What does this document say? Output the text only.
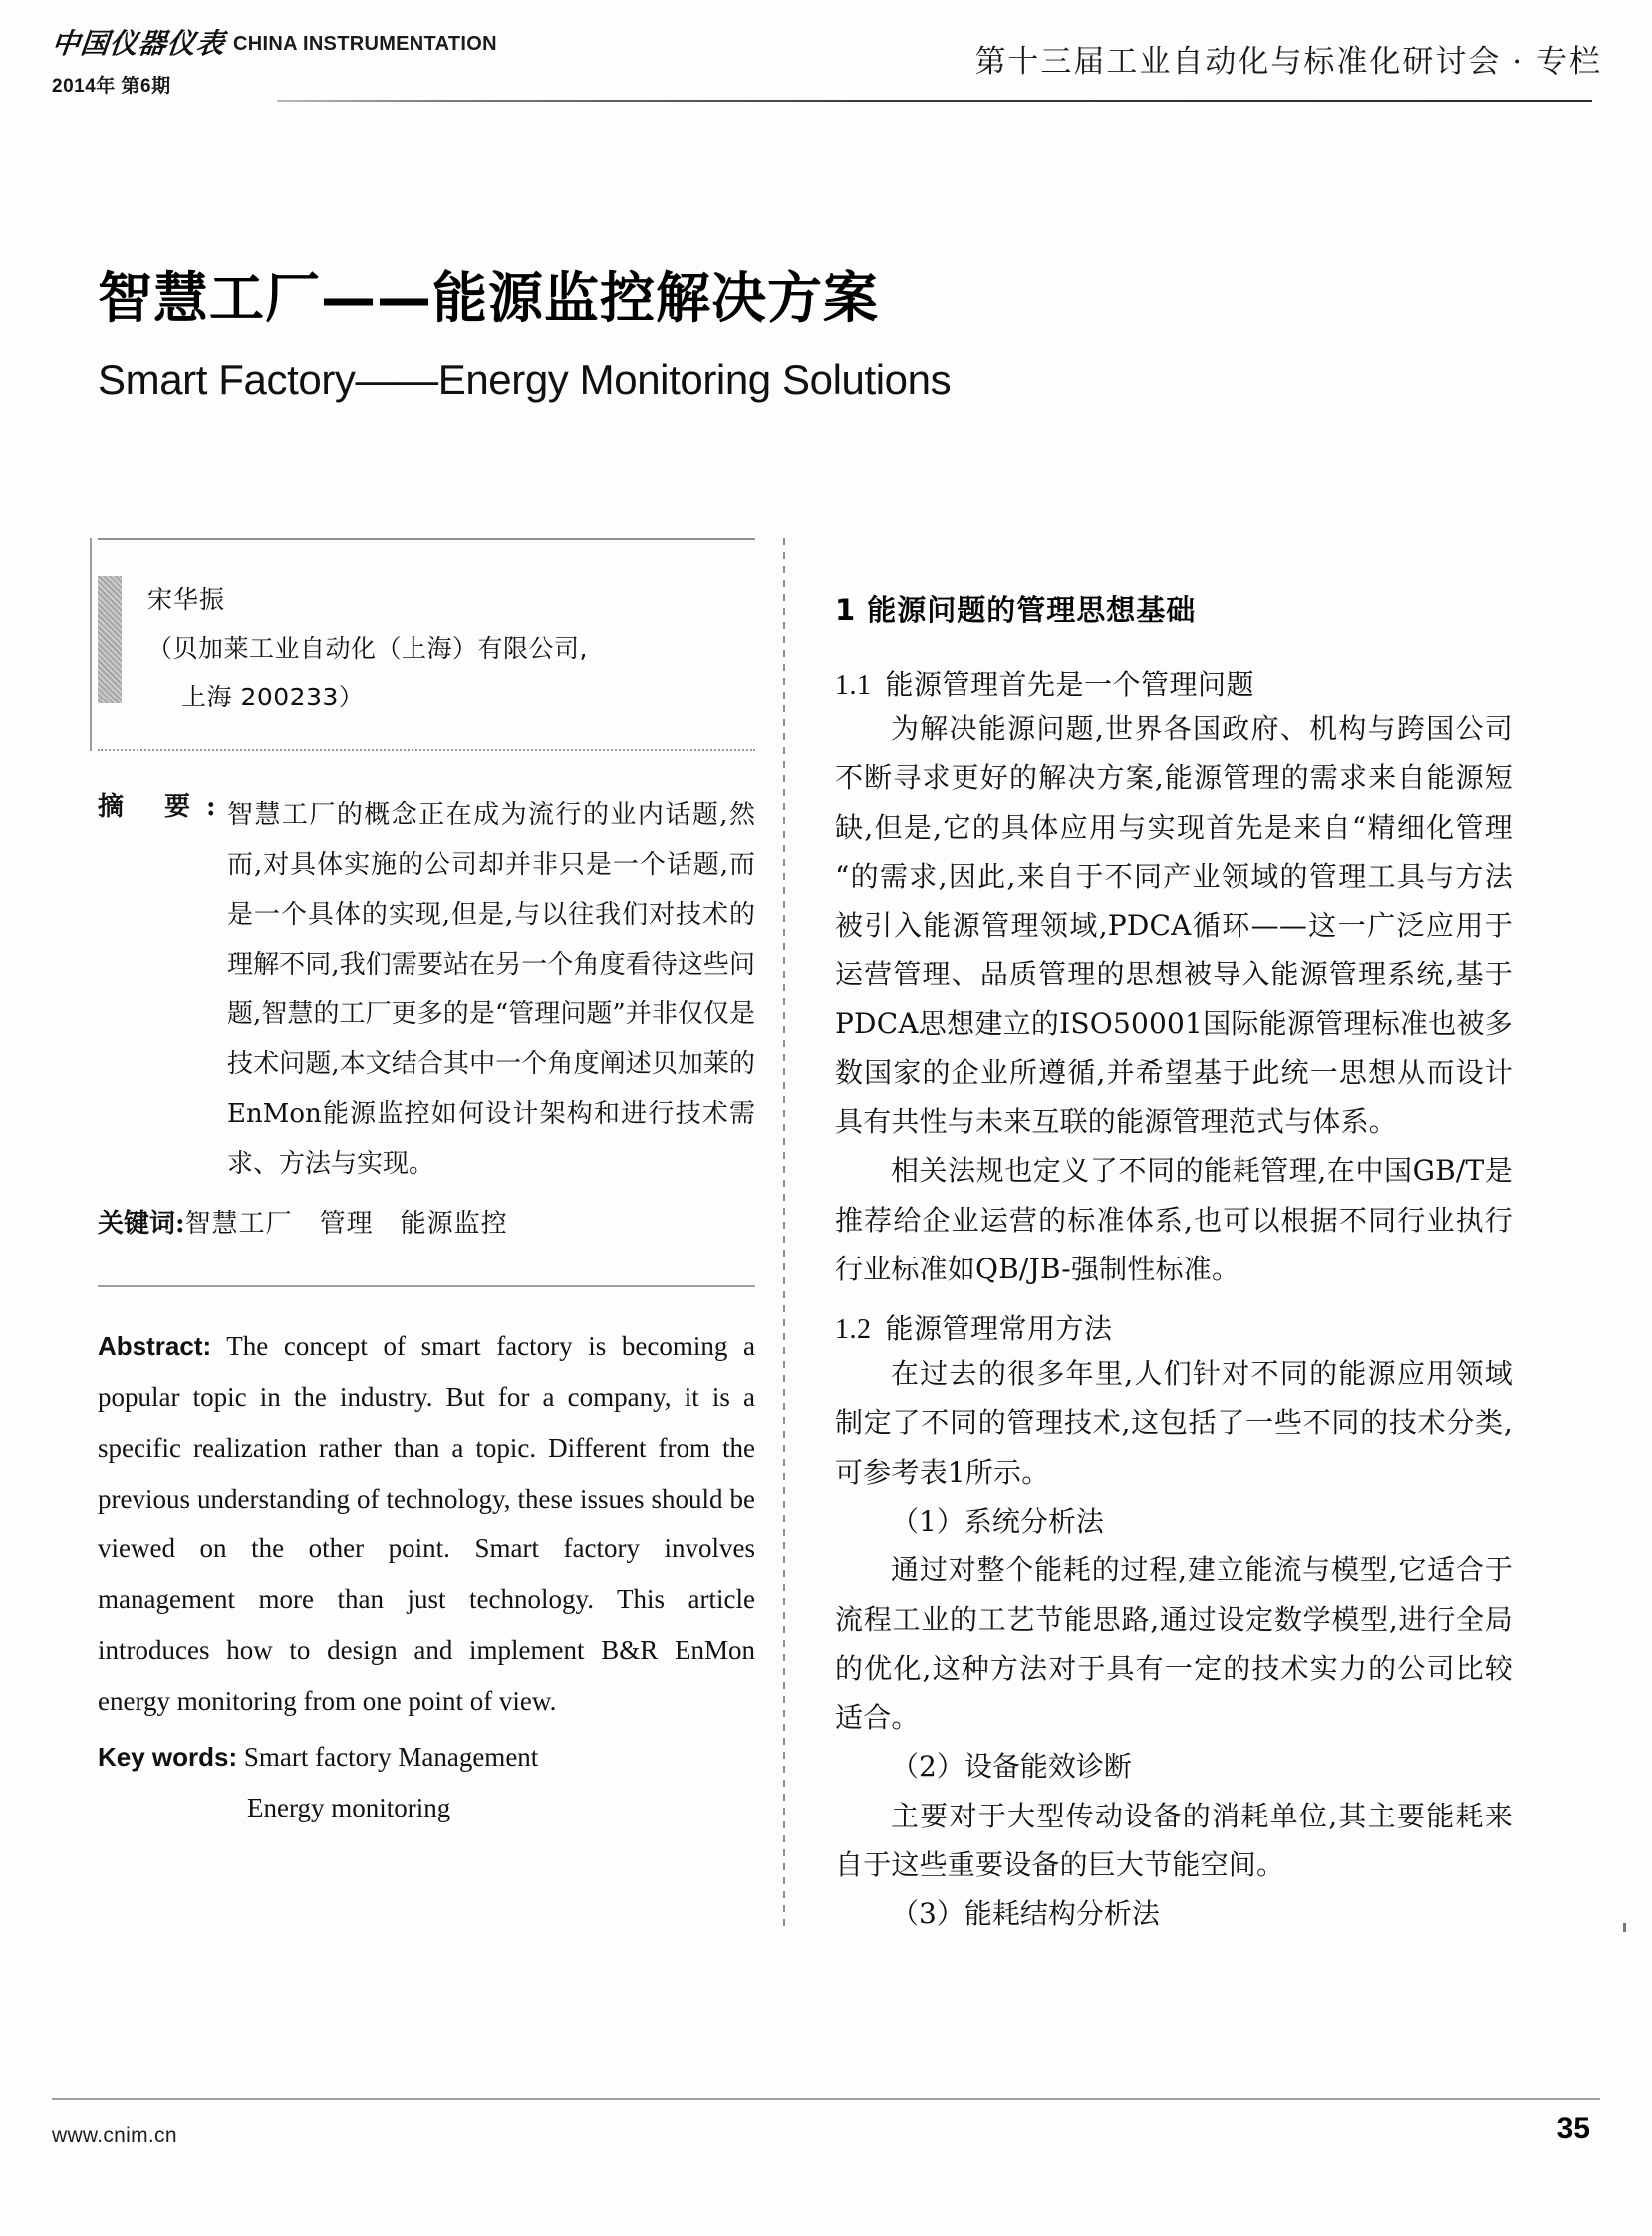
中国仪器仪表 CHINA INSTRUMENTATION
2014年 第6期
第十三届工业自动化与标准化研讨会 · 专栏
智慧工厂——能源监控解决方案
Smart Factory——Energy Monitoring Solutions
宋华振
（贝加莱工业自动化（上海）有限公司,
上海 200233）
摘 要:
智慧工厂的概念正在成为流行的业内话题,然而,对具体实施的公司却并非只是一个话题,而是一个具体的实现,但是,与以往我们对技术的理解不同,我们需要站在另一个角度看待这些问题,智慧的工厂更多的是“管理问题”并非仅仅是技术问题,本文结合其中一个角度阐述贝加莱的EnMon能源监控如何设计架构和进行技术需求、方法与实现。
关键词:智慧工厂　管理　能源监控
Abstract: The concept of smart factory is becoming a popular topic in the industry. But for a company, it is a specific realization rather than a topic. Different from the previous understanding of technology, these issues should be viewed on the other point. Smart factory involves management more than just technology. This article introduces how to design and implement B&R EnMon energy monitoring from one point of view.
Key words: Smart factory Management
Energy monitoring
1 能源问题的管理思想基础
1.1 能源管理首先是一个管理问题

为解决能源问题,世界各国政府、机构与跨国公司不断寻求更好的解决方案,能源管理的需求来自能源短缺,但是,它的具体应用与实现首先是来自“精细化管理“的需求,因此,来自于不同产业领域的管理工具与方法被引入能源管理领域,PDCA循环——这一广泛应用于运营管理、品质管理的思想被导入能源管理系统,基于PDCA思想建立的ISO50001国际能源管理标准也被多数国家的企业所遵循,并希望基于此统一思想从而设计具有共性与未来互联的能源管理范式与体系。

相关法规也定义了不同的能耗管理,在中国GB/T是推荐给企业运营的标准体系,也可以根据不同行业执行行业标准如QB/JB-强制性标准。

1.2 能源管理常用方法

在过去的很多年里,人们针对不同的能源应用领域制定了不同的管理技术,这包括了一些不同的技术分类,可参考表1所示。

（1）系统分析法

通过对整个能耗的过程,建立能流与模型,它适合于流程工业的工艺节能思路,通过设定数学模型,进行全局的优化,这种方法对于具有一定的技术实力的公司比较适合。

（2）设备能效诊断

主要对于大型传动设备的消耗单位,其主要能耗来自于这些重要设备的巨大节能空间。

（3）能耗结构分析法

www.cnim.cn	35
